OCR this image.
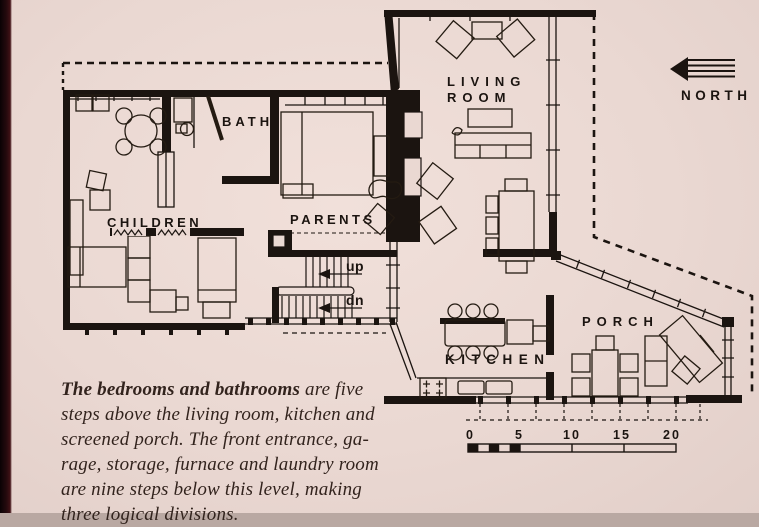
NORTH
0	5	10	15	20
CHILDREN
BATH
PARENTS
LIVING
ROOM
KITCHEN
PORCH
up
dn
The bedrooms and bathrooms are five
steps above the living room, kitchen and
screened porch. The front entrance, ga-
rage, storage, furnace and laundry room
are nine steps below this level, making
three logical divisions.
